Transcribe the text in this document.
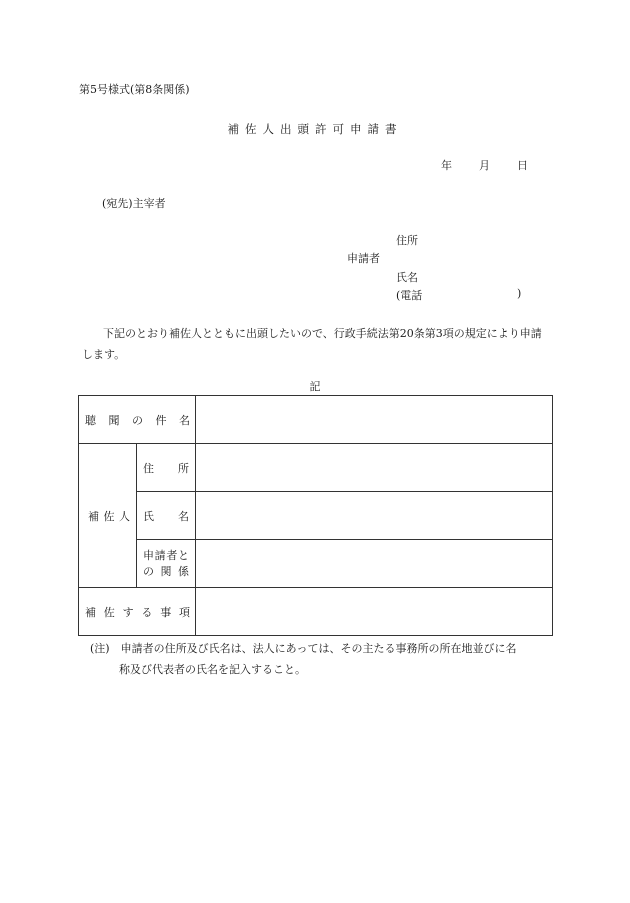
第5号様式(第8条関係)
補佐人出頭許可申請書
年 月 日
(宛先)主宰者
住所
申請者
氏名
(電話	)
下記のとおり補佐人とともに出頭したいので、行政手続法第20条第3項の規定により申請します。
記
聴聞の件名		
補佐人	住所	
	氏名	

	申請者と
の関係	

補佐する事項		
(注)　申請者の住所及び氏名は、法人にあっては、その主たる事務所の所在地並びに名
称及び代表者の氏名を記入すること。
